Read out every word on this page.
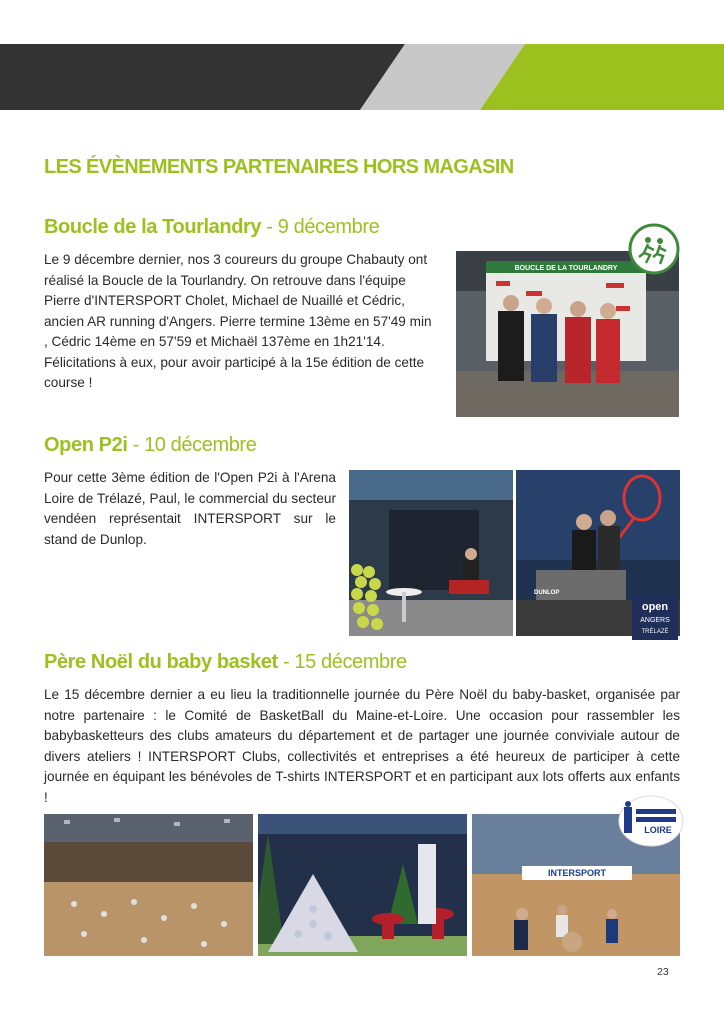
LES ÉVÈNEMENTS PARTENAIRES HORS MAGASIN
Boucle de la Tourlandry - 9 décembre

Le 9 décembre dernier, nos 3 coureurs du groupe Chabauty ont réalisé la Boucle de la Tourlandry. On retrouve dans l'équipe Pierre d'INTERSPORT Cholet, Michael de Nuaillé et Cédric, ancien AR running d'Angers. Pierre termine 13ème en 57'49 min , Cédric 14ème en 57'59 et Michaël 137ème en 1h21'14. Félicitations à eux, pour avoir participé à la 15e édition de cette course !

BOUCLE DE LA TOURLANDRY
Open P2i - 10 décembre

Pour cette 3ème édition de l'Open P2i à l'Arena Loire de Trélazé, Paul, le commercial du secteur vendéen représentait INTERSPORT sur le stand de Dunlop.

DUNLOP
open
ANGERS
TRÉLAZÉ
Père Noël du baby basket - 15 décembre

Le 15 décembre dernier a eu lieu la traditionnelle journée du Père Noël du baby-basket, organisée par notre partenaire : le Comité de BasketBall du Maine-et-Loire. Une occasion pour rassembler les babybasketteurs des clubs amateurs du département et de partager une journée conviviale autour de divers ateliers ! INTERSPORT Clubs, collectivités et entreprises a été heureux de participer à cette journée en équipant les bénévoles de T-shirts INTERSPORT et en participant aux lots offerts aux enfants !

INTERSPORT
LOIRE
23
